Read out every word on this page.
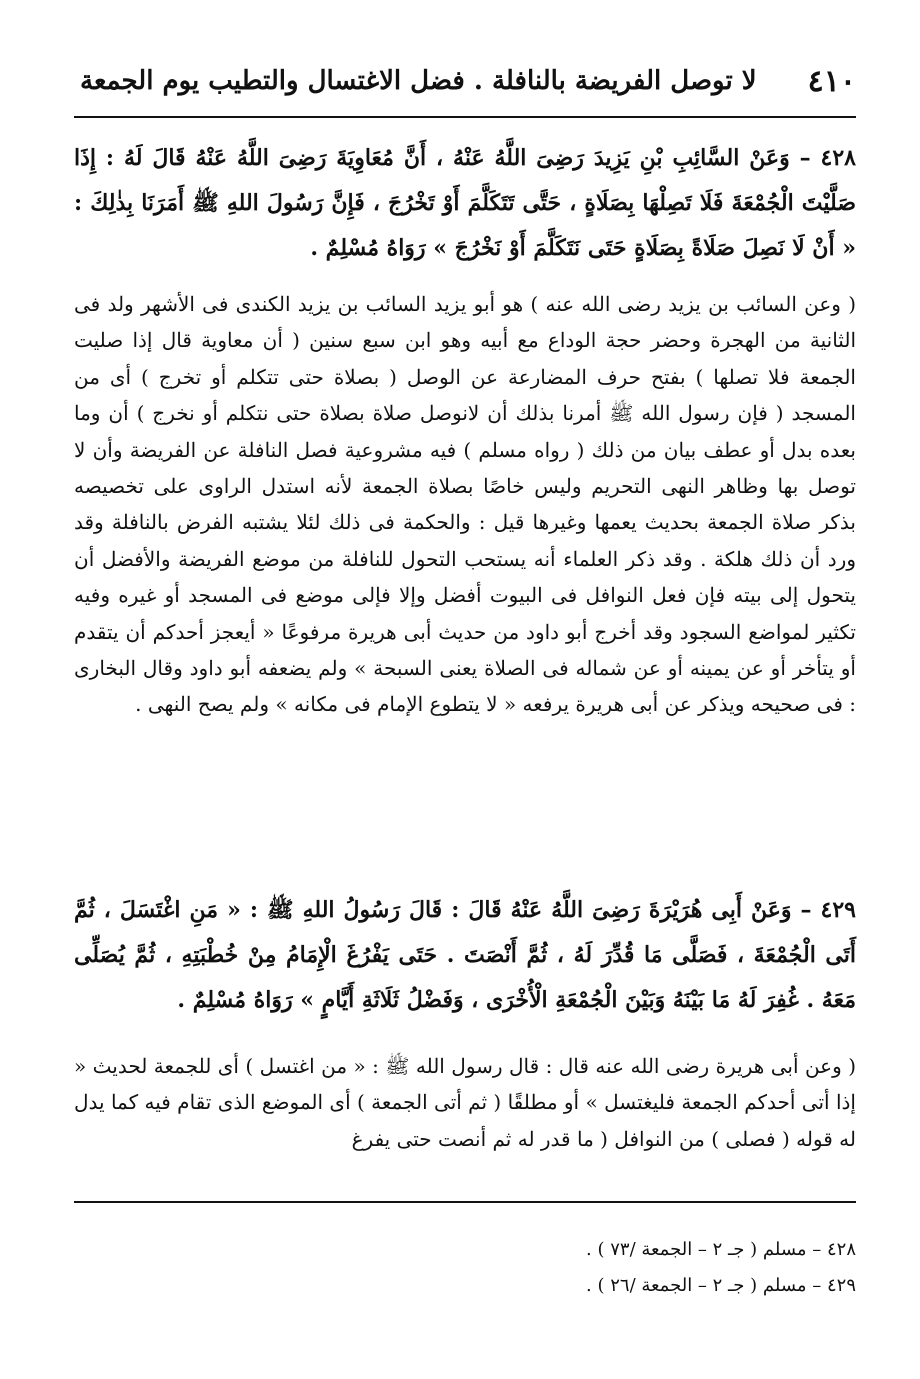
٤١٠
لا توصل الفريضة بالنافلة . فضل الاغتسال والتطيب يوم الجمعة
٤٢٨ – وَعَنْ السَّائِبِ بْنِ يَزِيدَ رَضِىَ اللَّهُ عَنْهُ ، أَنَّ مُعَاوِيَةَ رَضِىَ اللَّهُ عَنْهُ قَالَ لَهُ : إِذَا صَلَّيْتَ الْجُمْعَةَ فَلَا تَصِلْهَا بِصَلَاةٍ ، حَتَّى تَتَكَلَّمَ أَوْ تَخْرُجَ ، فَإِنَّ رَسُولَ اللهِ ﷺ أَمَرَنَا بِذٰلِكَ : « أَنْ لَا نَصِلَ صَلَاةً بِصَلَاةٍ حَتَى نَتَكَلَّمَ أَوْ نَخْرُجَ » رَوَاهُ مُسْلِمٌ .
( وعن السائب بن يزيد رضى الله عنه ) هو أبو يزيد السائب بن يزيد الكندى فى الأشهر ولد فى الثانية من الهجرة وحضر حجة الوداع مع أبيه وهو ابن سبع سنين ( أن معاوية قال إذا صليت الجمعة فلا تصلها ) بفتح حرف المضارعة عن الوصل ( بصلاة حتى تتكلم أو تخرج ) أى من المسجد ( فإن رسول الله ﷺ أمرنا بذلك أن لانوصل صلاة بصلاة حتى نتكلم أو نخرج ) أن وما بعده بدل أو عطف بيان من ذلك ( رواه مسلم ) فيه مشروعية فصل النافلة عن الفريضة وأن لا توصل بها وظاهر النهى التحريم وليس خاصًا بصلاة الجمعة لأنه استدل الراوى على تخصيصه بذكر صلاة الجمعة بحديث يعمها وغيرها قيل : والحكمة فى ذلك لئلا يشتبه الفرض بالنافلة وقد ورد أن ذلك هلكة . وقد ذكر العلماء أنه يستحب التحول للنافلة من موضع الفريضة والأفضل أن يتحول إلى بيته فإن فعل النوافل فى البيوت أفضل وإلا فإلى موضع فى المسجد أو غيره وفيه تكثير لمواضع السجود وقد أخرج أبو داود من حديث أبى هريرة مرفوعًا « أيعجز أحدكم أن يتقدم أو يتأخر أو عن يمينه أو عن شماله فى الصلاة يعنى السبحة » ولم يضعفه أبو داود وقال البخارى : فى صحيحه ويذكر عن أبى هريرة يرفعه « لا يتطوع الإمام فى مكانه » ولم يصح النهى .
٤٢٩ – وَعَنْ أَبِى هُرَيْرَةَ رَضِىَ اللَّهُ عَنْهُ قَالَ : قَالَ رَسُولُ اللهِ ﷺ : « مَنِ اغْتَسَلَ ، ثُمَّ أَتَى الْجُمْعَةَ ، فَصَلَّى مَا قُدِّرَ لَهُ ، ثُمَّ أَنْصَتَ . حَتَى يَفْرُغَ الْإِمَامُ مِنْ خُطْبَتِهِ ، ثُمَّ يُصَلِّى مَعَهُ . غُفِرَ لَهُ مَا بَيْنَهُ وَبَيْنَ الْجُمْعَةِ الْأُخْرَى ، وَفَضْلُ ثَلَاثَةِ أَيَّامٍ » رَوَاهُ مُسْلِمٌ .
( وعن أبى هريرة رضى الله عنه قال : قال رسول الله ﷺ : « من اغتسل ) أى للجمعة لحديث « إذا أتى أحدكم الجمعة فليغتسل » أو مطلقًا ( ثم أتى الجمعة ) أى الموضع الذى تقام فيه كما يدل له قوله ( فصلى ) من النوافل ( ما قدر له ثم أنصت حتى يفرغ
٤٢٨ – مسلم ( جـ ٢ – الجمعة /٧٣ ) .
٤٢٩ – مسلم ( جـ ٢ – الجمعة /٢٦ ) .
